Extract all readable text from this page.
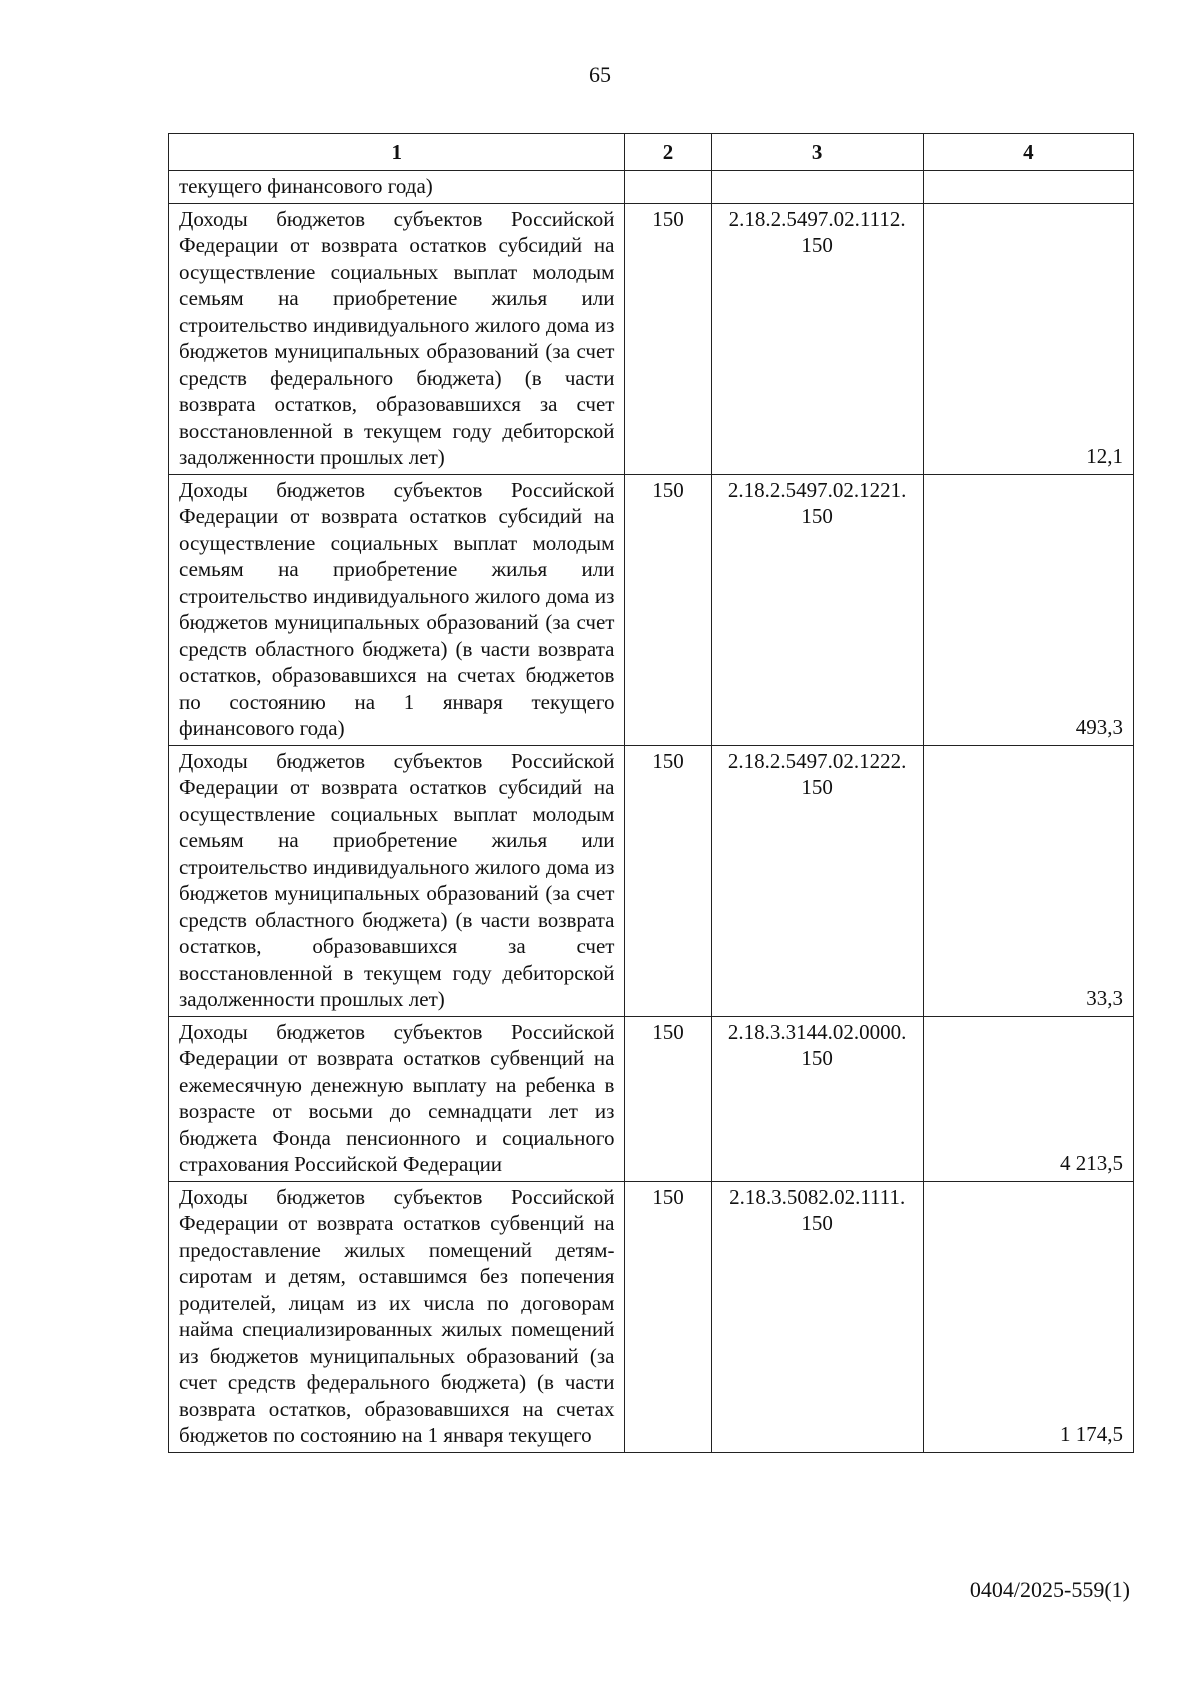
65
1	2	3	4
текущего финансового года)			
Доходы бюджетов субъектов Российской Федерации от возврата остатков субсидий на осуществление социальных выплат молодым семьям на приобретение жилья или строительство индивидуального жилого дома из бюджетов муниципальных образований (за счет средств федерального бюджета) (в части возврата остатков, образовавшихся за счет восстановленной в текущем году дебиторской задолженности прошлых лет)	150	2.18.2.5497.02.1112. 150	12,1
Доходы бюджетов субъектов Российской Федерации от возврата остатков субсидий на осуществление социальных выплат молодым семьям на приобретение жилья или строительство индивидуального жилого дома из бюджетов муниципальных образований (за счет средств областного бюджета) (в части возврата остатков, образовавшихся на счетах бюджетов по состоянию на 1 января текущего финансового года)	150	2.18.2.5497.02.1221. 150	493,3
Доходы бюджетов субъектов Российской Федерации от возврата остатков субсидий на осуществление социальных выплат молодым семьям на приобретение жилья или строительство индивидуального жилого дома из бюджетов муниципальных образований (за счет средств областного бюджета) (в части возврата остатков, образовавшихся за счет восстановленной в текущем году дебиторской задолженности прошлых лет)	150	2.18.2.5497.02.1222. 150	33,3
Доходы бюджетов субъектов Российской Федерации от возврата остатков субвенций на ежемесячную денежную выплату на ребенка в возрасте от восьми до семнадцати лет из бюджета Фонда пенсионного и социального страхования Российской Федерации	150	2.18.3.3144.02.0000. 150	4 213,5
Доходы бюджетов субъектов Российской Федерации от возврата остатков субвенций на предоставление жилых помещений детям-сиротам и детям, оставшимся без попечения родителей, лицам из их числа по договорам найма специализированных жилых помещений из бюджетов муниципальных образований (за счет средств федерального бюджета) (в части возврата остатков, образовавшихся на счетах бюджетов по состоянию на 1 января текущего	150	2.18.3.5082.02.1111. 150	1 174,5
0404/2025-559(1)
